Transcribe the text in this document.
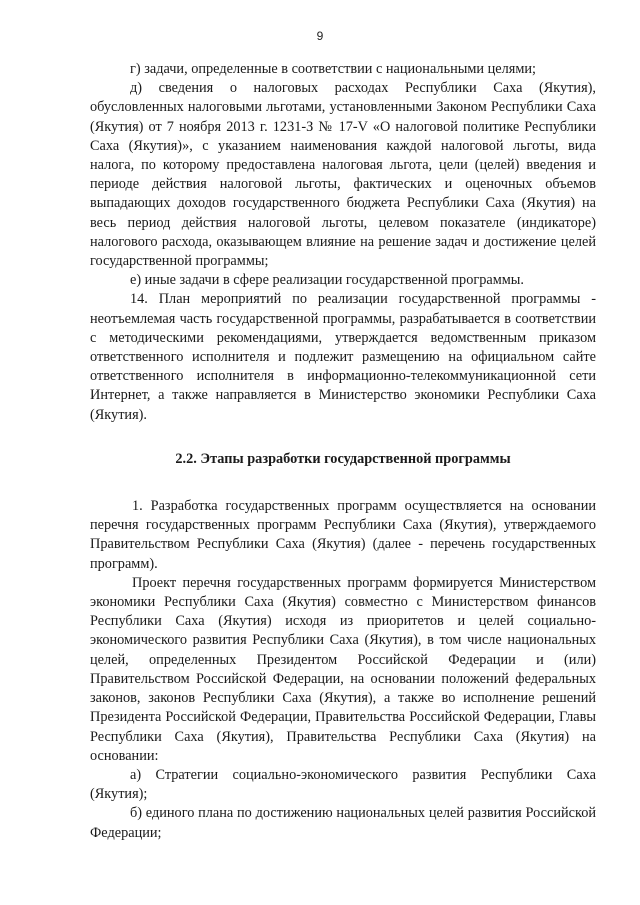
9

г) задачи, определенные в соответствии с национальными целями;

д) сведения о налоговых расходах Республики Саха (Якутия), обусловленных налоговыми льготами, установленными Законом Республики Саха (Якутия) от 7 ноября 2013 г. 1231-З № 17-V «О налоговой политике Республики Саха (Якутия)», с указанием наименования каждой налоговой льготы, вида налога, по которому предоставлена налоговая льгота, цели (целей) введения и периоде действия налоговой льготы, фактических и оценочных объемов выпадающих доходов государственного бюджета Республики Саха (Якутия) на весь период действия налоговой льготы, целевом показателе (индикаторе) налогового расхода, оказывающем влияние на решение задач и достижение целей государственной программы;

е) иные задачи в сфере реализации государственной программы.

14. План мероприятий по реализации государственной программы - неотъемлемая часть государственной программы, разрабатывается в соответствии с методическими рекомендациями, утверждается ведомственным приказом ответственного исполнителя и подлежит размещению на официальном сайте ответственного исполнителя в информационно-телекоммуникационной сети Интернет, а также направляется в Министерство экономики Республики Саха (Якутия).

2.2. Этапы разработки государственной программы

1. Разработка государственных программ осуществляется на основании перечня государственных программ Республики Саха (Якутия), утверждаемого Правительством Республики Саха (Якутия) (далее - перечень государственных программ).

Проект перечня государственных программ формируется Министерством экономики Республики Саха (Якутия) совместно с Министерством финансов Республики Саха (Якутия) исходя из приоритетов и целей социально-экономического развития Республики Саха (Якутия), в том числе национальных целей, определенных Президентом Российской Федерации и (или) Правительством Российской Федерации, на основании положений федеральных законов, законов Республики Саха (Якутия), а также во исполнение решений Президента Российской Федерации, Правительства Российской Федерации, Главы Республики Саха (Якутия), Правительства Республики Саха (Якутия) на основании:

а) Стратегии социально-экономического развития Республики Саха (Якутия);

б) единого плана по достижению национальных целей развития Российской Федерации;
